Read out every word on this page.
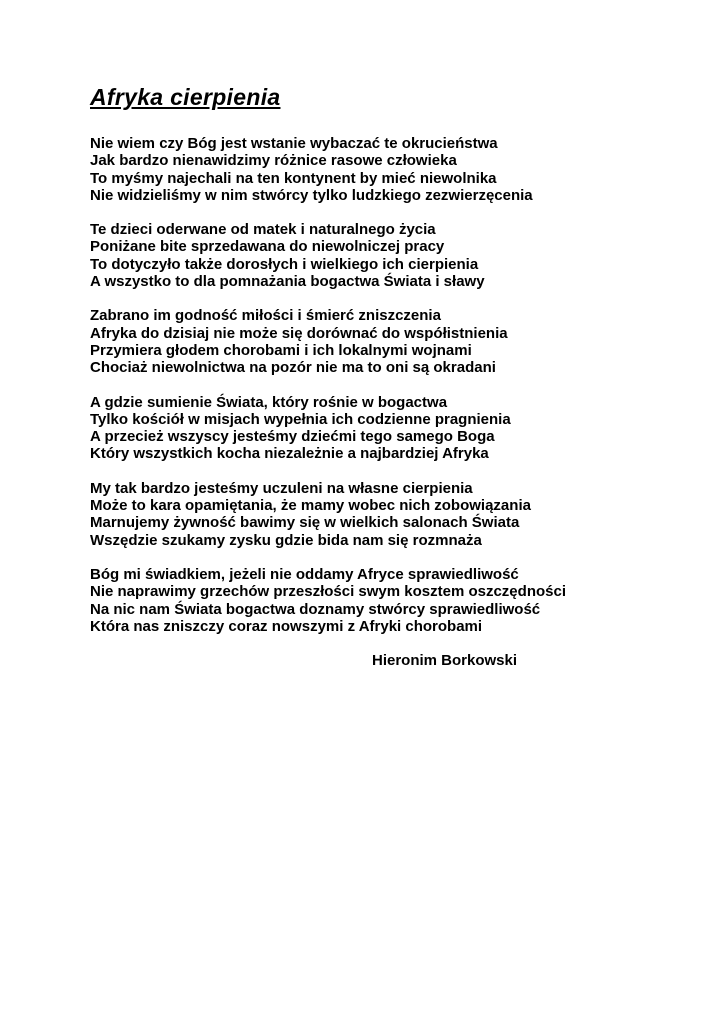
Afryka cierpienia
Nie wiem czy Bóg jest wstanie wybaczać te okrucieństwa
Jak bardzo nienawidzimy różnice rasowe człowieka
To myśmy najechali na ten kontynent by mieć niewolnika
Nie widzieliśmy w nim stwórcy tylko ludzkiego zezwierzęcenia
Te dzieci oderwane od matek i naturalnego życia
Poniżane bite sprzedawana do niewolniczej pracy
To dotyczyło także dorosłych i wielkiego ich cierpienia
A wszystko to dla pomnażania bogactwa Świata i sławy
Zabrano im godność miłości i śmierć zniszczenia
Afryka do dzisiaj nie może się dorównać do współistnienia
Przymiera głodem chorobami i ich lokalnymi wojnami
Chociaż niewolnictwa na pozór nie ma to oni są okradani
A gdzie sumienie Świata, który rośnie w bogactwa
Tylko kościół w misjach wypełnia ich codzienne pragnienia
A przecież wszyscy jesteśmy dziećmi tego samego Boga
Który wszystkich kocha niezależnie a najbardziej Afryka
My tak bardzo jesteśmy uczuleni na własne cierpienia
Może to kara opamiętania, że mamy wobec nich zobowiązania
Marnujemy żywność bawimy się w wielkich salonach Świata
Wszędzie szukamy zysku gdzie bida nam się rozmnaża
Bóg mi świadkiem, jeżeli nie oddamy Afryce sprawiedliwość
Nie naprawimy grzechów przeszłości swym kosztem oszczędności
Na nic nam Świata bogactwa doznamy stwórcy sprawiedliwość
Która nas zniszczy coraz nowszymi z Afryki chorobami
Hieronim Borkowski
